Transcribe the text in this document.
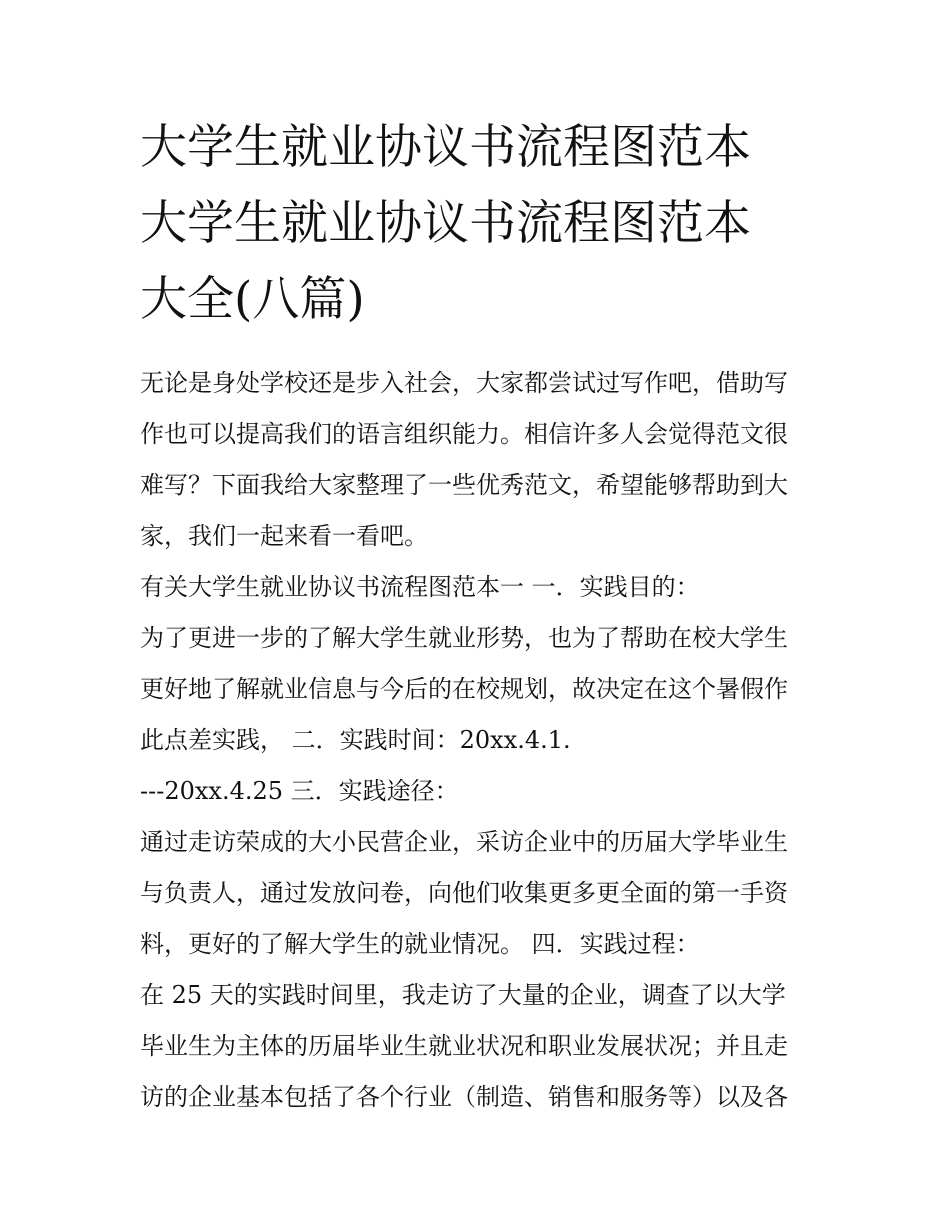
大学生就业协议书流程图范本
大学生就业协议书流程图范本
大全(八篇)
无论是身处学校还是步入社会，大家都尝试过写作吧，借助写
作也可以提高我们的语言组织能力。相信许多人会觉得范文很
难写？下面我给大家整理了一些优秀范文，希望能够帮助到大
家，我们一起来看一看吧。
有关大学生就业协议书流程图范本一 一．实践目的：
为了更进一步的了解大学生就业形势，也为了帮助在校大学生
更好地了解就业信息与今后的在校规划，故决定在这个暑假作
此点差实践， 二．实践时间：20xx.4.1.
---20xx.4.25 三．实践途径：
通过走访荣成的大小民营企业，采访企业中的历届大学毕业生
与负责人，通过发放问卷，向他们收集更多更全面的第一手资
料，更好的了解大学生的就业情况。 四．实践过程：
在 25 天的实践时间里，我走访了大量的企业，调查了以大学
毕业生为主体的历届毕业生就业状况和职业发展状况；并且走
访的企业基本包括了各个行业（制造、销售和服务等）以及各
